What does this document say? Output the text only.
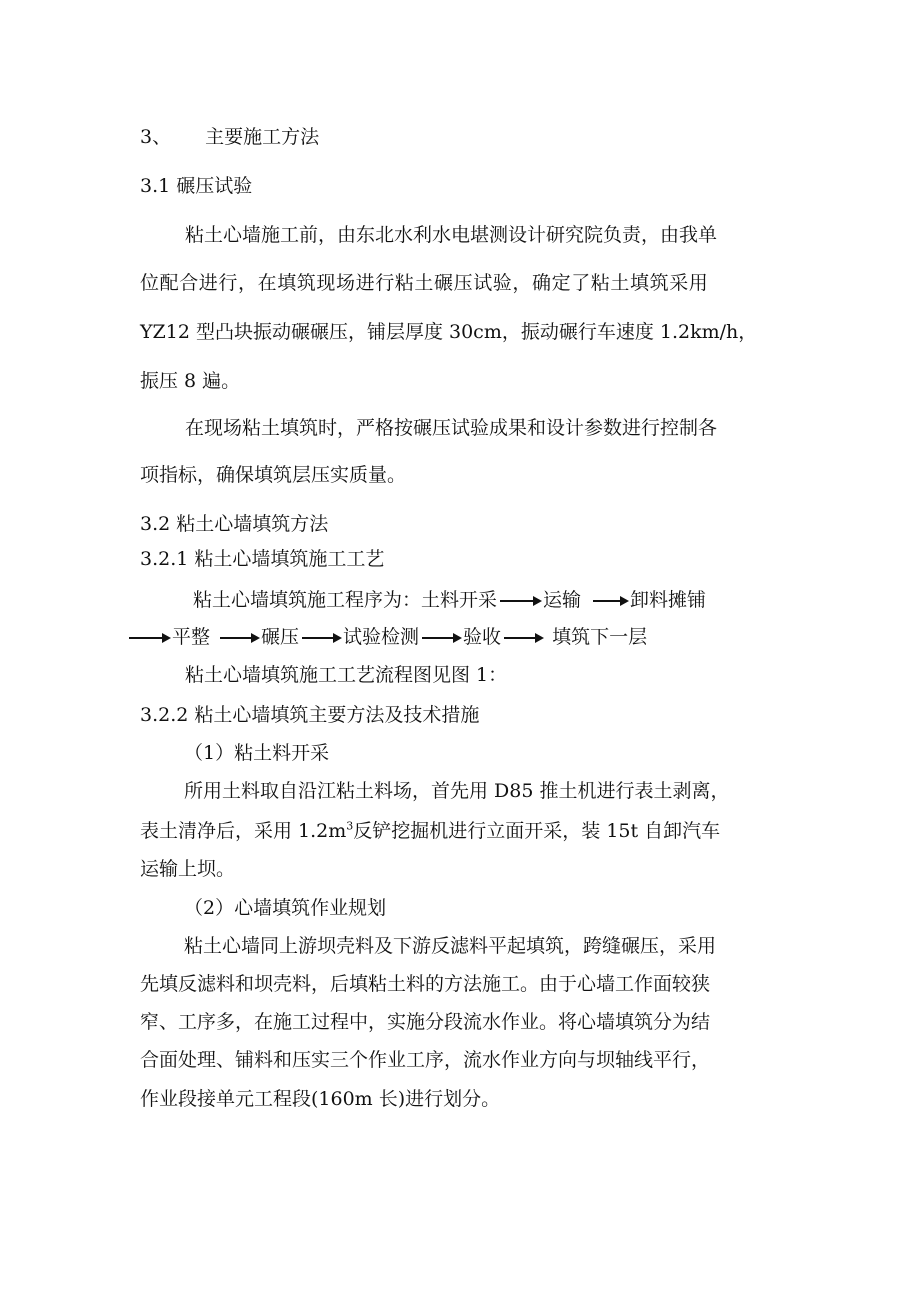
3、 主要施工方法
3.1 碾压试验
粘土心墙施工前，由东北水利水电堪测设计研究院负责，由我单
位配合进行，在填筑现场进行粘土碾压试验，确定了粘土填筑采用
YZ12 型凸块振动碾碾压，铺层厚度 30cm，振动碾行车速度 1.2km/h，
振压 8 遍。
在现场粘土填筑时，严格按碾压试验成果和设计参数进行控制各
项指标，确保填筑层压实质量。
3.2 粘土心墙填筑方法
3.2.1 粘土心墙填筑施工工艺
粘土心墙填筑施工程序为：土料开采 运输	卸料摊铺
平整	碾压 试验检测 验收	填筑下一层
粘土心墙填筑施工工艺流程图见图 1：
3.2.2 粘土心墙填筑主要方法及技术措施
（1）粘土料开采
所用土料取自沿江粘土料场，首先用 D85 推土机进行表土剥离，
表土清净后，采用 $1.2m^3$反铲挖掘机进行立面开采，装 15t 自卸汽车
运输上坝。
（2）心墙填筑作业规划
粘土心墙同上游坝壳料及下游反滤料平起填筑，跨缝碾压，采用
先填反滤料和坝壳料，后填粘土料的方法施工。由于心墙工作面较狭
窄、工序多，在施工过程中，实施分段流水作业。将心墙填筑分为结
合面处理、铺料和压实三个作业工序，流水作业方向与坝轴线平行，
作业段接单元工程段(160m 长)进行划分。
